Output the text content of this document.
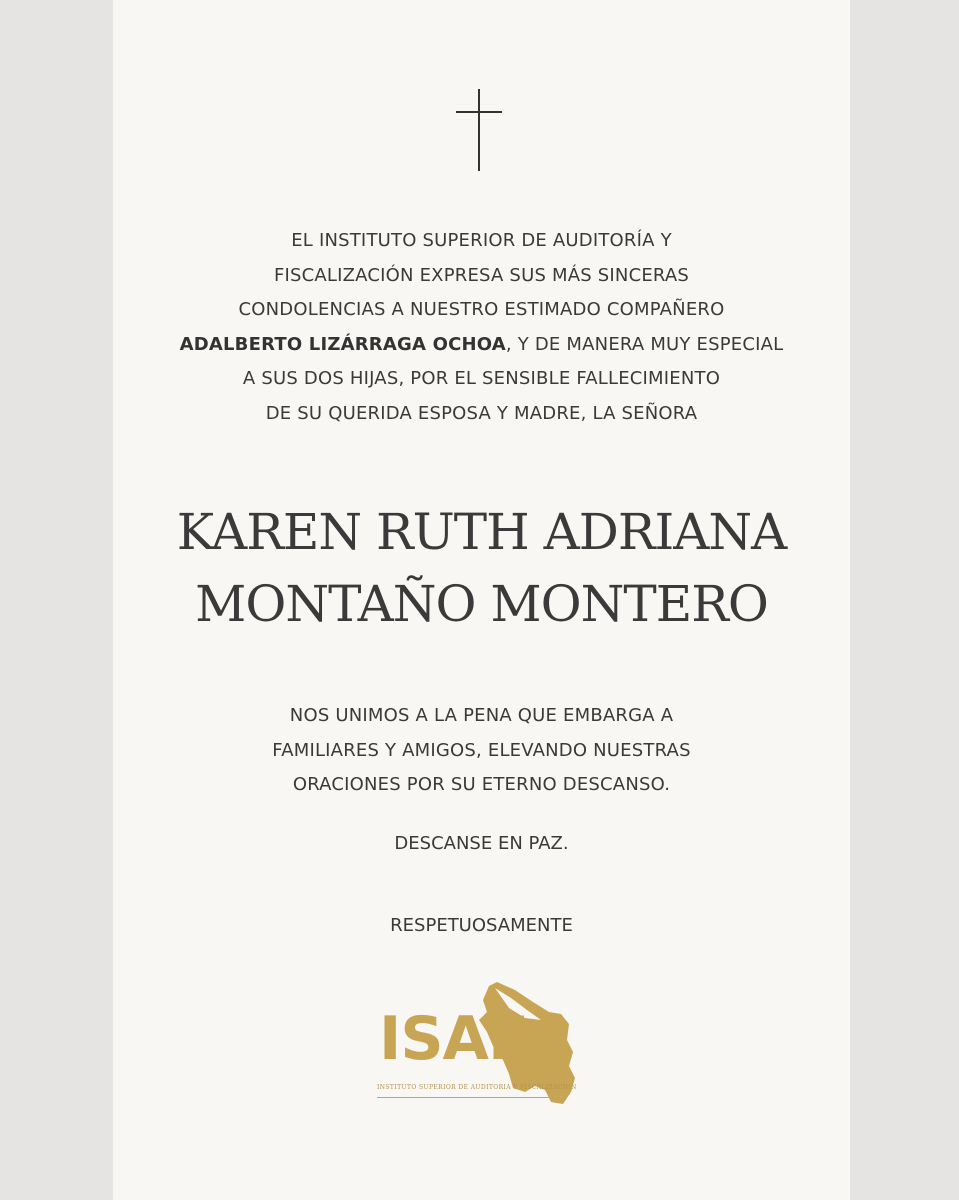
EL INSTITUTO SUPERIOR DE AUDITORÍA Y
FISCALIZACIÓN EXPRESA SUS MÁS SINCERAS
CONDOLENCIAS A NUESTRO ESTIMADO COMPAÑERO
ADALBERTO LIZÁRRAGA OCHOA, Y DE MANERA MUY ESPECIAL
A SUS DOS HIJAS, POR EL SENSIBLE FALLECIMIENTO
DE SU QUERIDA ESPOSA Y MADRE, LA SEÑORA
KAREN RUTH ADRIANA
MONTAÑO MONTERO
NOS UNIMOS A LA PENA QUE EMBARGA A
FAMILIARES Y AMIGOS, ELEVANDO NUESTRAS
ORACIONES POR SU ETERNO DESCANSO.
DESCANSE EN PAZ.
RESPETUOSAMENTE
ISAF
INSTITUTO SUPERIOR DE AUDITORIA Y FISCALIZACION
